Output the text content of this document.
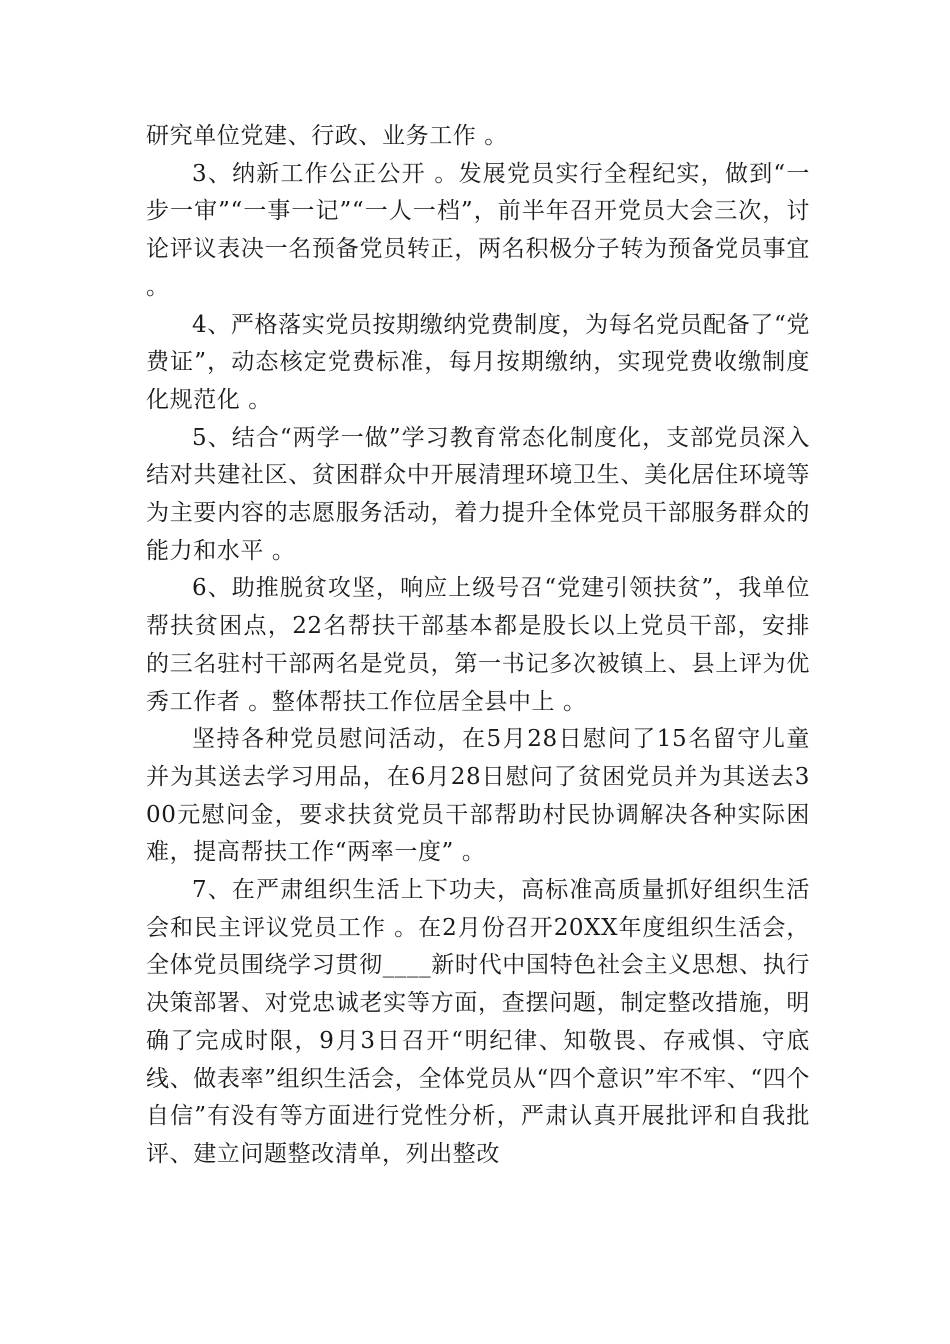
研究单位党建、行政、业务工作 。

3、纳新工作公正公开 。发展党员实行全程纪实，做到“一步一审”“一事一记”“一人一档”，前半年召开党员大会三次，讨论评议表决一名预备党员转正，两名积极分子转为预备党员事宜 。

4、严格落实党员按期缴纳党费制度，为每名党员配备了“党费证”，动态核定党费标准，每月按期缴纳，实现党费收缴制度化规范化 。

5、结合“两学一做”学习教育常态化制度化，支部党员深入结对共建社区、贫困群众中开展清理环境卫生、美化居住环境等为主要内容的志愿服务活动，着力提升全体党员干部服务群众的能力和水平 。

6、助推脱贫攻坚，响应上级号召“党建引领扶贫”，我单位帮扶贫困点，22名帮扶干部基本都是股长以上党员干部，安排的三名驻村干部两名是党员，第一书记多次被镇上、县上评为优秀工作者 。整体帮扶工作位居全县中上 。

坚持各种党员慰问活动，在5月28日慰问了15名留守儿童并为其送去学习用品，在6月28日慰问了贫困党员并为其送去300元慰问金，要求扶贫党员干部帮助村民协调解决各种实际困难，提高帮扶工作“两率一度” 。

7、在严肃组织生活上下功夫，高标准高质量抓好组织生活会和民主评议党员工作 。在2月份召开20XX年度组织生活会，全体党员围绕学习贯彻____新时代中国特色社会主义思想、执行决策部署、对党忠诚老实等方面，查摆问题，制定整改措施，明确了完成时限，9月3日召开“明纪律、知敬畏、存戒惧、守底线、做表率”组织生活会，全体党员从“四个意识”牢不牢、“四个自信”有没有等方面进行党性分析，严肃认真开展批评和自我批评、建立问题整改清单，列出整改
